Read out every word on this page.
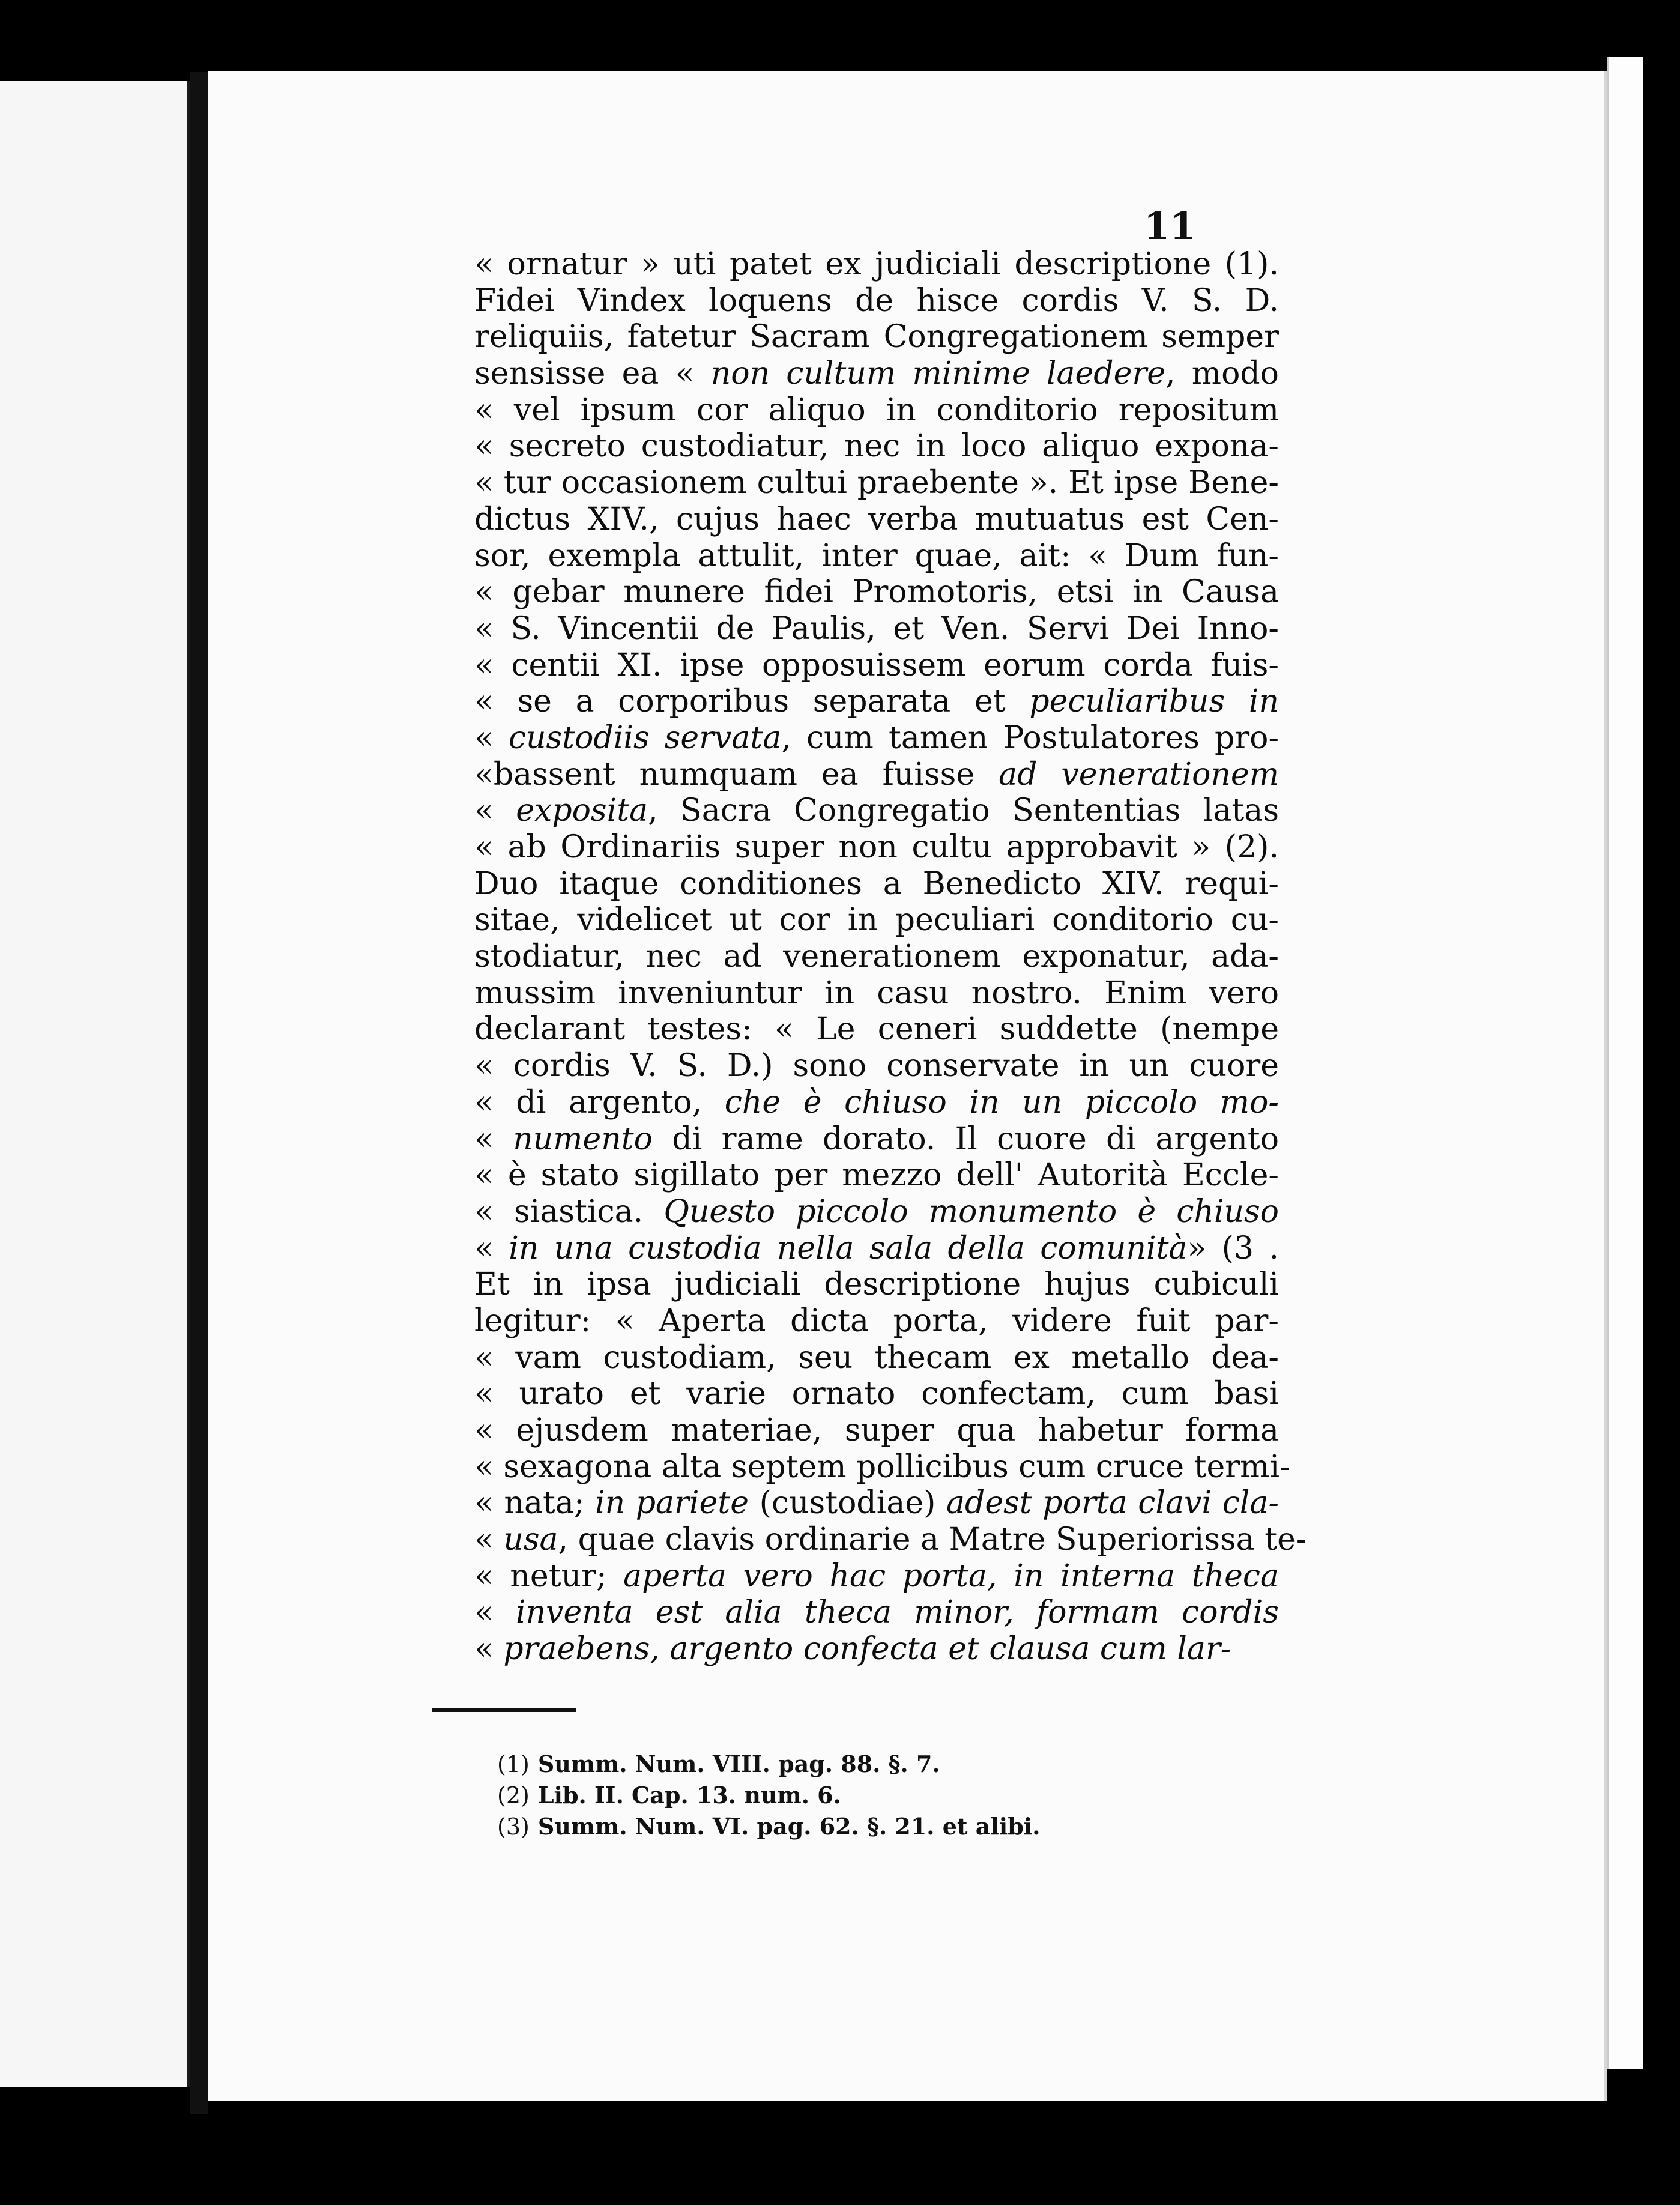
11
« ornatur » uti patet ex judiciali descriptione (1).
Fidei Vindex loquens de hisce cordis V. S. D.
reliquiis, fatetur Sacram Congregationem semper
sensisse ea « non cultum minime laedere, modo
« vel ipsum cor aliquo in conditorio repositum
« secreto custodiatur, nec in loco aliquo exponа-
« tur occasionem cultui praebente ». Et ipse Bene-
dictus XIV., cujus haec verba mutuatus est Cen-
sor, exempla attulit, inter quae, ait: « Dum fun-
« gebar munere fidei Promotoris, etsi in Causa
« S. Vincentii de Paulis, et Ven. Servi Dei Inno-
« centii XI. ipse opposuissem eorum corda fuis-
« se a corporibus separata et peculiaribus in
« custodiis servata, cum tamen Postulatores pro-
«bassent numquam ea fuisse ad venerationem
« exposita, Sacra Congregatio Sententias latas
« ab Ordinariis super non cultu approbavit » (2).
Duo itaque conditiones a Benedicto XIV. requi-
sitae, videlicet ut cor in peculiari conditorio cu-
stodiatur, nec ad venerationem exponatur, ada-
mussim inveniuntur in casu nostro. Enim vero
declarant testes: « Le ceneri suddette (nempe
« cordis V. S. D.) sono conservate in un cuore
« di argento, che è chiuso in un piccolo mo-
« numento di rame dorato. Il cuore di argento
« è stato sigillato per mezzo dell' Autorità Eccle-
« siastica. Questo piccolo monumento è chiuso
« in una custodia nella sala della comunità» (3 .
Et in ipsa judiciali descriptione hujus cubiculi
legitur: « Aperta dicta porta, videre fuit par-
« vam custodiam, seu thecam ex metallo dea-
« urato et varie ornato confectam, cum basi
« ejusdem materiae, super qua habetur forma
« sexagona alta septem pollicibus cum cruce termi-
« nata; in pariete (custodiae) adest porta clavi cla-
« usa, quae clavis ordinarie a Matre Superiorissa te-
« netur; aperta vero hac porta, in interna theca
« inventa est alia theca minor, formam cordis
« praebens, argento confecta et clausa cum lar-
(1) Summ. Num. VIII. pag. 88. §. 7.
(2) Lib. II. Cap. 13. num. 6.
(3) Summ. Num. VI. pag. 62. §. 21. et alibi.
